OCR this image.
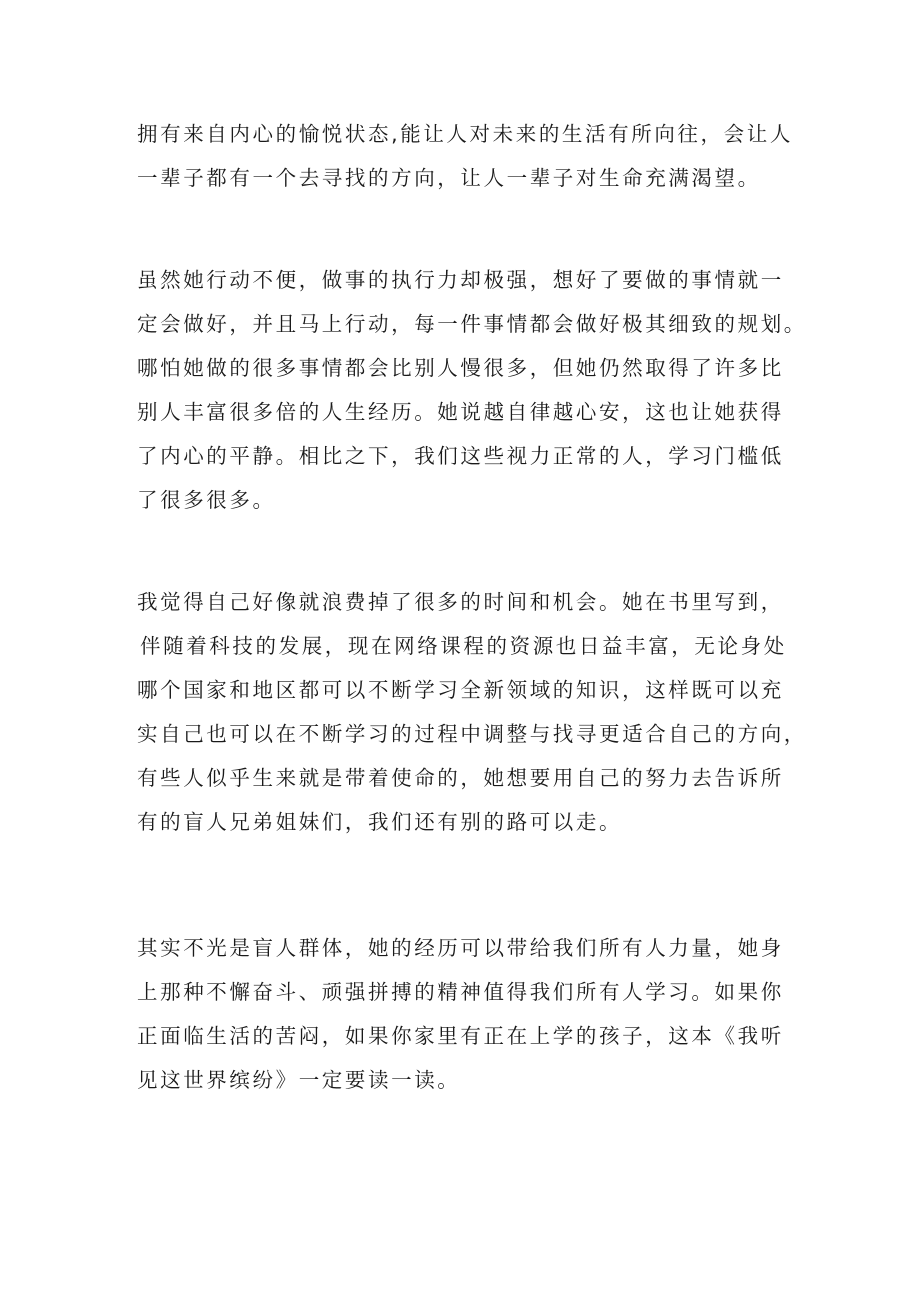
拥有来自内心的愉悦状态,能让人对未来的生活有所向往，会让人
一辈子都有一个去寻找的方向，让人一辈子对生命充满渴望。
虽然她行动不便，做事的执行力却极强，想好了要做的事情就一
定会做好，并且马上行动，每一件事情都会做好极其细致的规划。
哪怕她做的很多事情都会比别人慢很多，但她仍然取得了许多比
别人丰富很多倍的人生经历。她说越自律越心安，这也让她获得
了内心的平静。相比之下，我们这些视力正常的人，学习门槛低
了很多很多。
我觉得自己好像就浪费掉了很多的时间和机会。她在书里写到，
伴随着科技的发展，现在网络课程的资源也日益丰富，无论身处
哪个国家和地区都可以不断学习全新领域的知识，这样既可以充
实自己也可以在不断学习的过程中调整与找寻更适合自己的方向，
有些人似乎生来就是带着使命的，她想要用自己的努力去告诉所
有的盲人兄弟姐妹们，我们还有别的路可以走。
其实不光是盲人群体，她的经历可以带给我们所有人力量，她身
上那种不懈奋斗、顽强拼搏的精神值得我们所有人学习。如果你
正面临生活的苦闷，如果你家里有正在上学的孩子，这本《我听
见这世界缤纷》一定要读一读。
